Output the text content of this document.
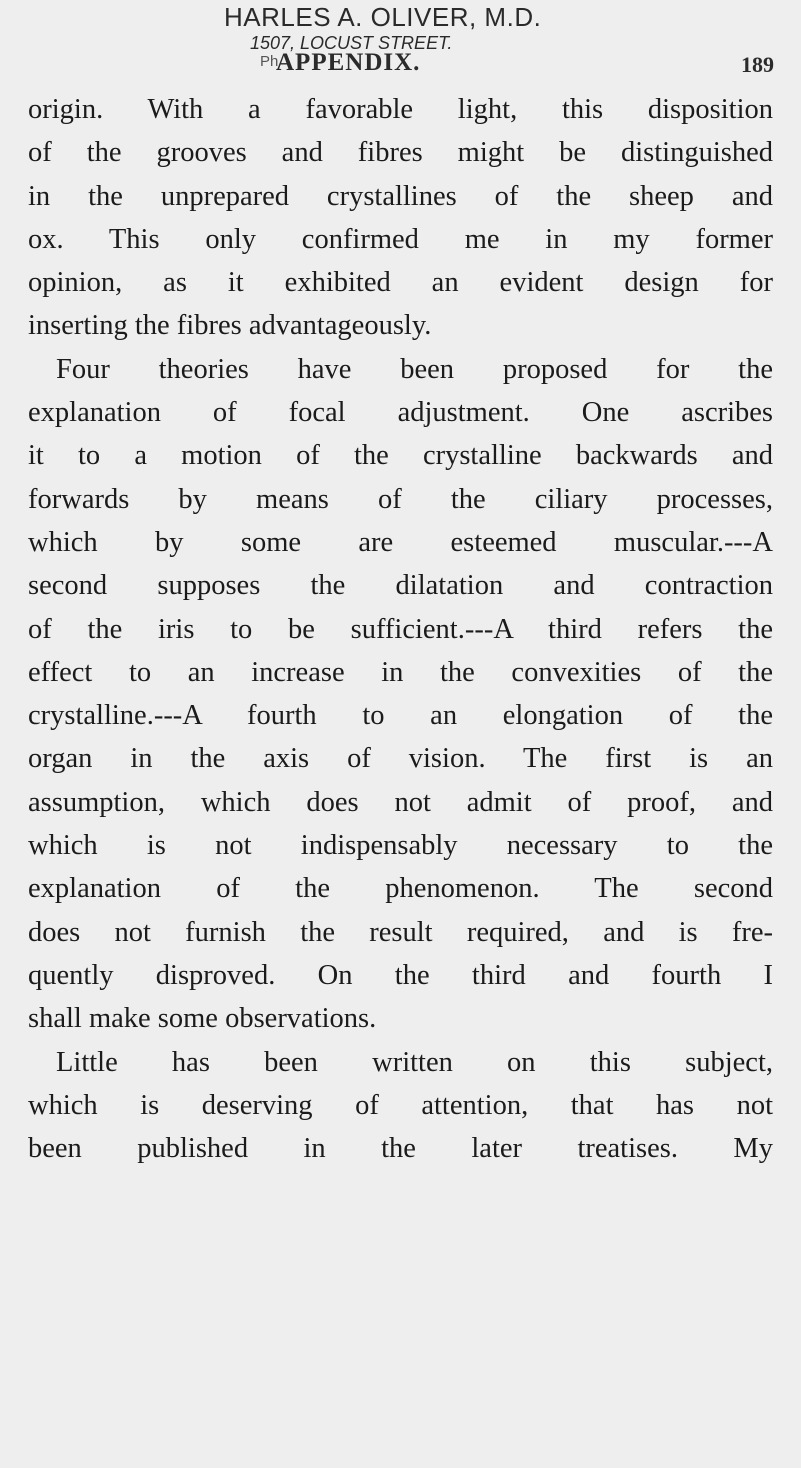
HARLES A. OLIVER, M.D.
1507, LOCUST STREET.
Ph
APPENDIX.	189
origin. With a favorable light, this disposition
of the grooves and fibres might be distinguished
in the unprepared crystallines of the sheep and
ox. This only confirmed me in my former
opinion, as it exhibited an evident design for
inserting the fibres advantageously.
Four theories have been proposed for the
explanation of focal adjustment. One ascribes
it to a motion of the crystalline backwards and
forwards by means of the ciliary processes,
which by some are esteemed muscular.---A
second supposes the dilatation and contraction
of the iris to be sufficient.---A third refers the
effect to an increase in the convexities of the
crystalline.---A fourth to an elongation of the
organ in the axis of vision. The first is an
assumption, which does not admit of proof, and
which is not indispensably necessary to the
explanation of the phenomenon. The second
does not furnish the result required, and is fre-
quently disproved. On the third and fourth I
shall make some observations.
Little has been written on this subject,
which is deserving of attention, that has not
been published in the later treatises. My
